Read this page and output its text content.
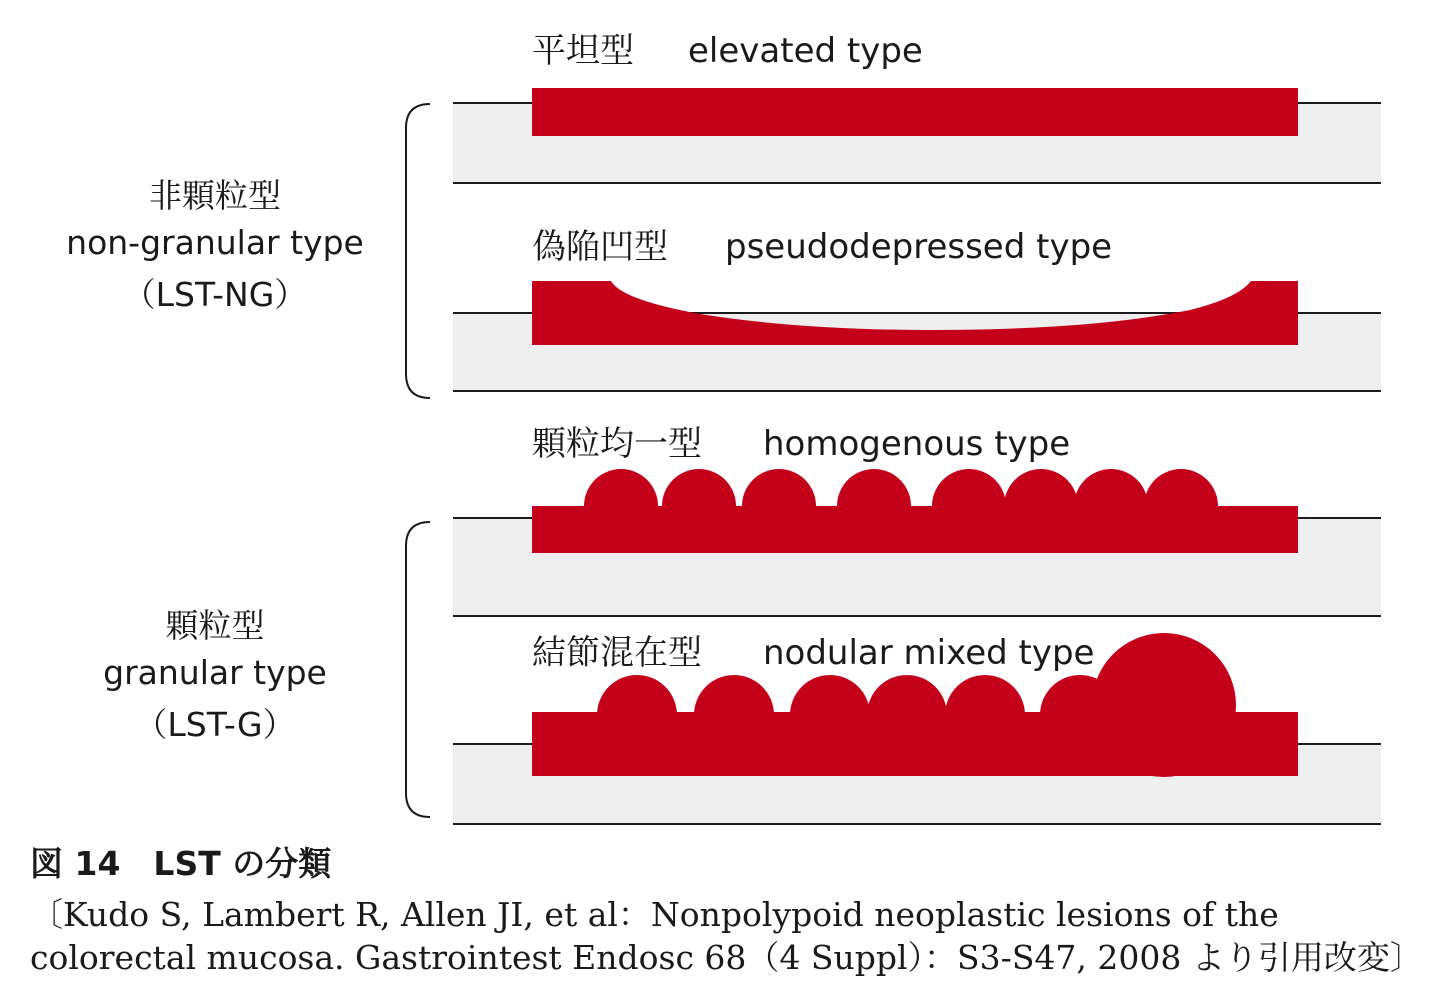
平坦型 elevated type
偽陥凹型 pseudodepressed type
顆粒均一型 homogenous type
結節混在型 nodular mixed type
非顆粒型
non-granular type
（LST-NG）
顆粒型
granular type
（LST-G）
図 14　LST の分類
〔Kudo S, Lambert R, Allen JI, et al：Nonpolypoid neoplastic lesions of the
colorectal mucosa. Gastrointest Endosc 68（4 Suppl）：S3-S47, 2008 より引用改変〕
